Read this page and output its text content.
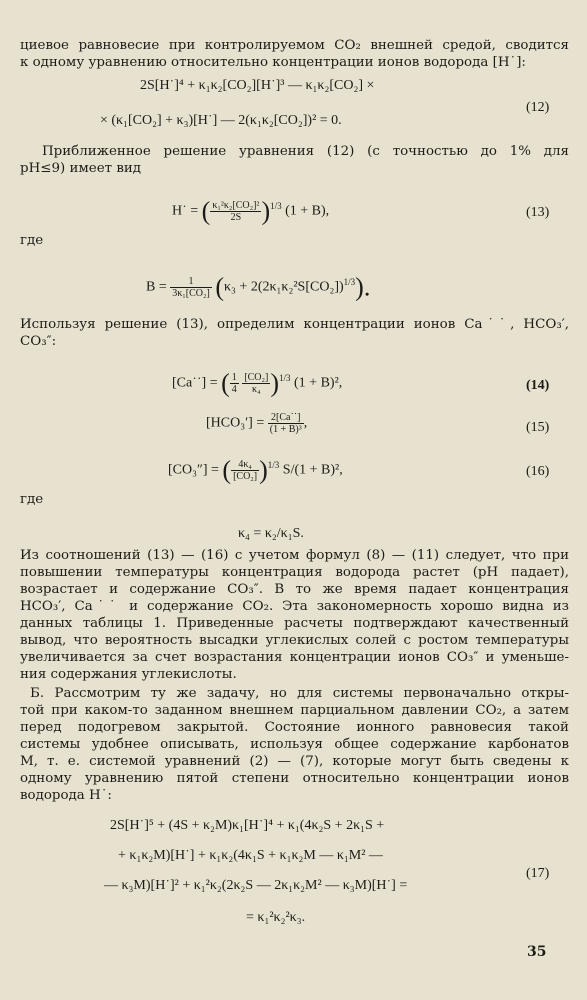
циевое равновесие при контролируемом CO₂ внешней средой, сводится
к одному уравнению относительно концентрации ионов водорода [H˙]:
2S[H˙]⁴ + κ₁κ₂[CO₂][H˙]³ — κ₁κ₂[CO₂] ×
× (κ₁[CO₂] + κ₃)[H˙] — 2(κ₁κ₂[CO₂])² = 0.
(12)
Приближенное решение уравнения (12) (с точностью до 1% для
pH≤9) имеет вид
H˙ = ( $\frac{\text{κ₁²κ₂[CO₂]²}}{2S} )^{1/3}$ (1 + B),	(13)
где
$B = \frac{1}{\text{3κ₁[CO₂]}} (\kappa_3 + 2(2\kappa_1\kappa_2^2S[CO_2])^{1/3})$.
Используя решение (13), определим концентрации ионов Ca˙˙, HCO₃′,
CO₃″:
[Ca˙˙] = ( $\frac{1}{4}$
$\frac{\text{[CO₂]}}{\text{κ₄}} )^{1/3}$ (1 + B)²,	(14)
$[HCO_3'] = \frac{2[Ca˙˙]}{\text{(1 + B)³}}$ ,	(15)
[CO₃″] = ( $\frac{\text{4κ₄}}{\text{[CO₂]}} )^{1/3}$ S/(1 + B)²,	(16)
где
κ₄ = κ₂/κ₁S.
Из соотношений (13) — (16) с учетом формул (8) — (11) следует, что при
повышении температуры концентрация водорода растет (pH падает),
возрастает и содержание CO₃″. В то же время падает концентрация
HCO₃′, Ca˙˙ и содержание CO₂. Эта закономерность хорошо видна из
данных таблицы 1. Приведенные расчеты подтверждают качественный
вывод, что вероятность высадки углекислых солей с ростом температуры
увеличивается за счет возрастания концентрации ионов CO₃″ и уменьше-
ния содержания углекислоты.
Б. Рассмотрим ту же задачу, но для системы первоначально откры-
той при каком-то заданном внешнем парциальном давлении CO₂, а затем
перед подогревом закрытой. Состояние ионного равновесия такой
системы удобнее описывать, используя общее содержание карбонатов
M, т. е. системой уравнений (2) — (7), которые могут быть сведены к
одному уравнению пятой степени относительно концентрации ионов
водорода H˙:
2S[H˙]⁵ + (4S + κ₂M)κ₁[H˙]⁴ + κ₁(4κ₂S + 2κ₁S +
+ κ₁κ₂M)[H˙] + κ₁κ₂(4κ₁S + κ₁κ₂M — κ₁M² —
— κ₃M)[H˙]² + κ₁²κ₂(2κ₂S — 2κ₁κ₂M² — κ₃M)[H˙] =
= κ₁²κ₂²κ₃.
(17)
35
